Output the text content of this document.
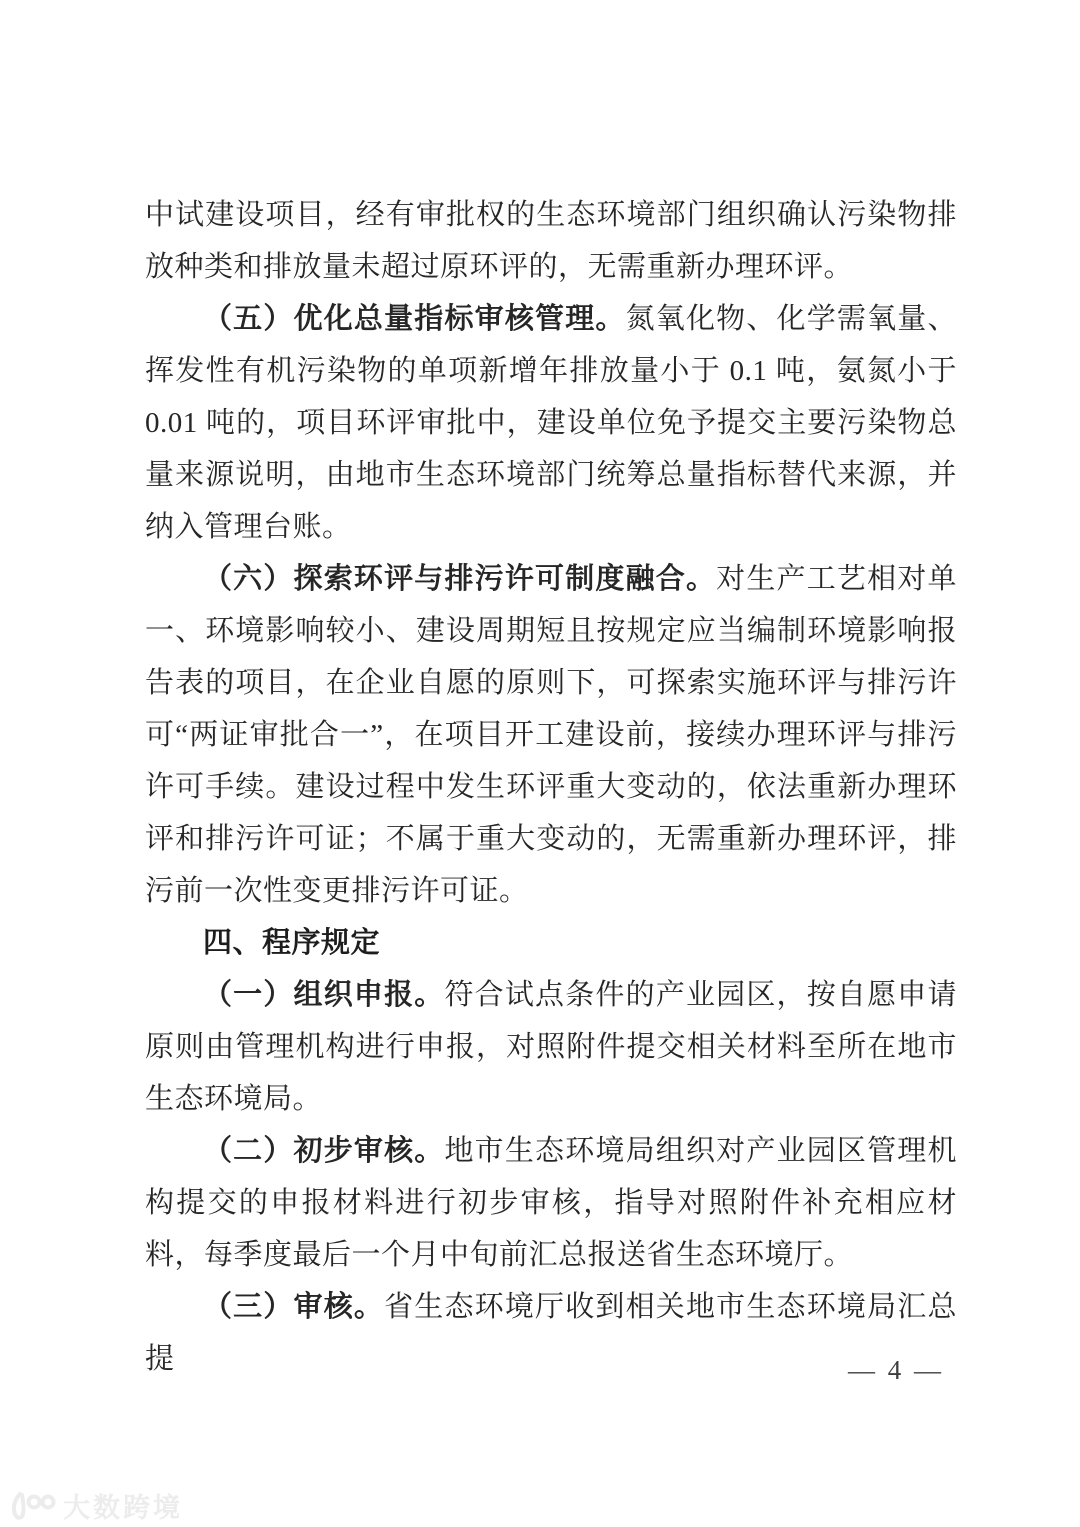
中试建设项目，经有审批权的生态环境部门组织确认污染物排放种类和排放量未超过原环评的，无需重新办理环评。

（五）优化总量指标审核管理。氮氧化物、化学需氧量、挥发性有机污染物的单项新增年排放量小于 0.1 吨，氨氮小于 0.01 吨的，项目环评审批中，建设单位免予提交主要污染物总量来源说明，由地市生态环境部门统筹总量指标替代来源，并纳入管理台账。

（六）探索环评与排污许可制度融合。对生产工艺相对单一、环境影响较小、建设周期短且按规定应当编制环境影响报告表的项目，在企业自愿的原则下，可探索实施环评与排污许可“两证审批合一”，在项目开工建设前，接续办理环评与排污许可手续。建设过程中发生环评重大变动的，依法重新办理环评和排污许可证；不属于重大变动的，无需重新办理环评，排污前一次性变更排污许可证。

四、程序规定

（一）组织申报。符合试点条件的产业园区，按自愿申请原则由管理机构进行申报，对照附件提交相关材料至所在地市生态环境局。

（二）初步审核。地市生态环境局组织对产业园区管理机构提交的申报材料进行初步审核，指导对照附件补充相应材料，每季度最后一个月中旬前汇总报送省生态环境厅。

（三）审核。省生态环境厅收到相关地市生态环境局汇总提	— 4 —
大数跨境
